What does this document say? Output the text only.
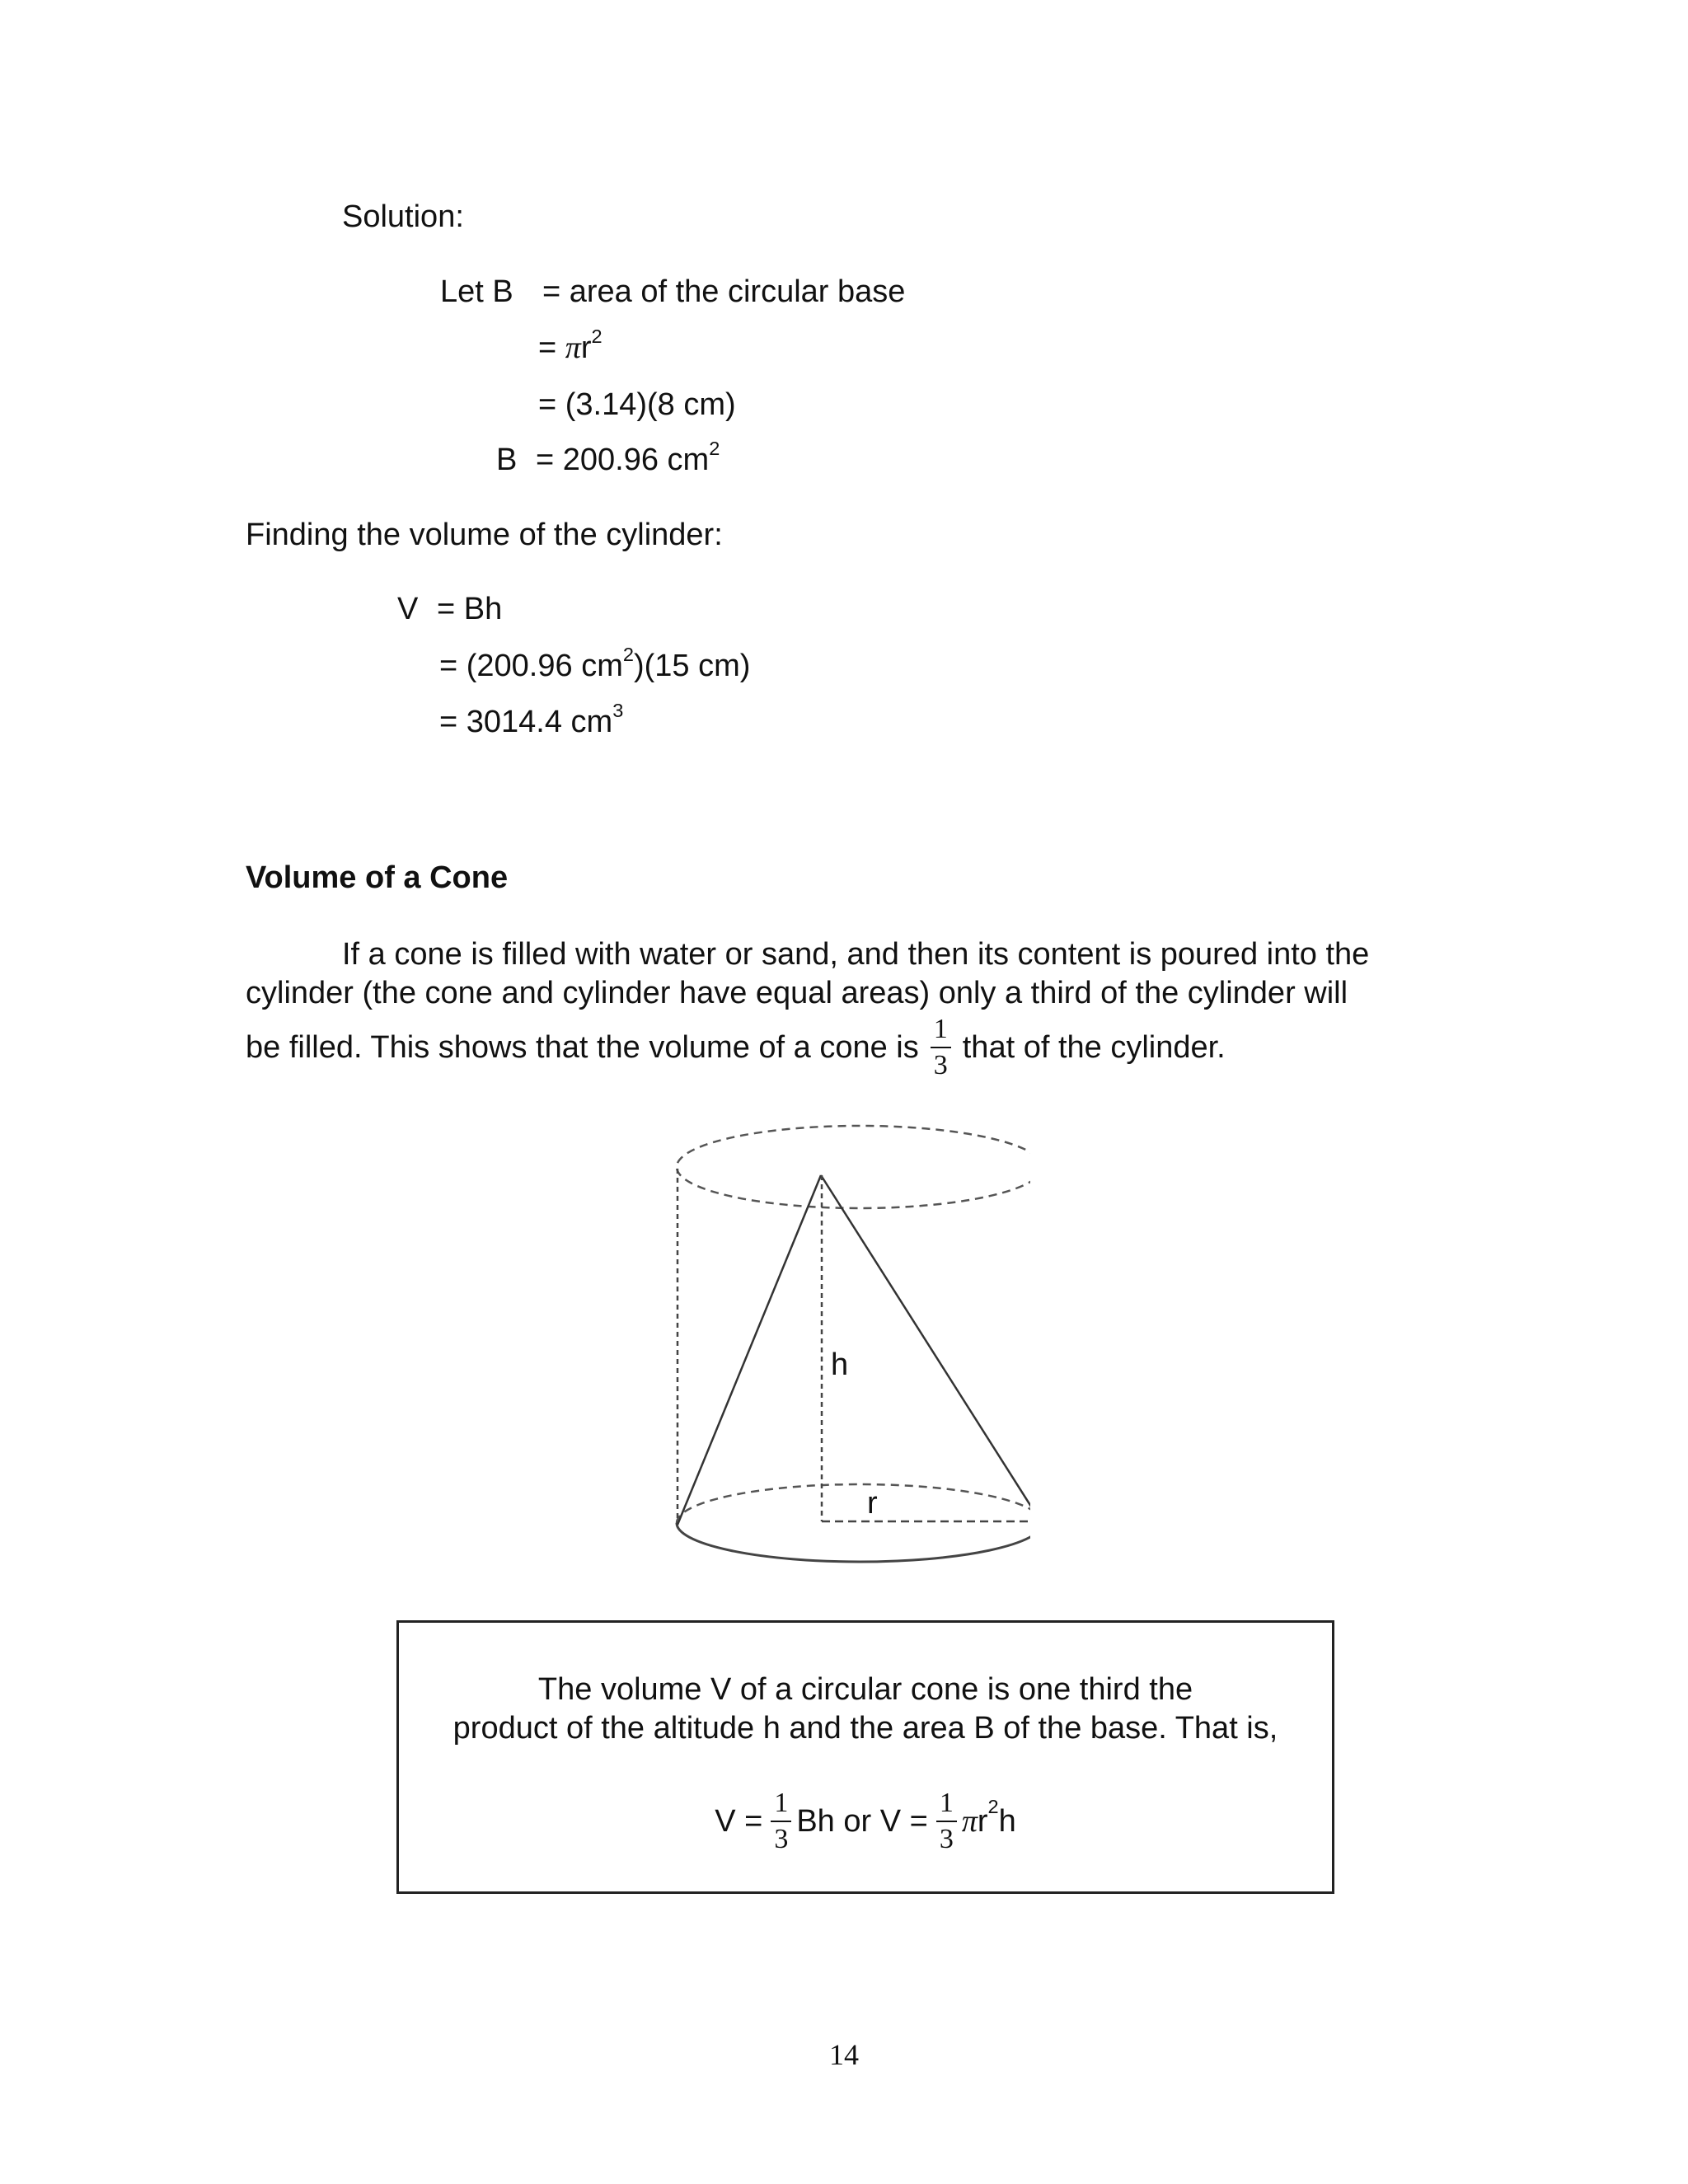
Solution:
Let B = area of the circular base
= $\pi r^2$
= (3.14)(8 cm)
B = 200.96 $cm^2$
Finding the volume of the cylinder:
V = Bh
= (200.96 $cm^2)(15$ cm)
= 3014.4 $cm^3$
Volume of a Cone
If a cone is filled with water or sand, and then its content is poured into the
cylinder (the cone and cylinder have equal areas) only a third of the cylinder will
be filled. This shows that the volume of a cone is $\frac{1}{3}$ that of the cylinder.
h
r
The volume V of a circular cone is one third the
product of the altitude h and the area B of the base. That is,
$V = \frac{1}{3}$ Bh or $V = \frac{1}{3}$ π $r^2$ h
14
